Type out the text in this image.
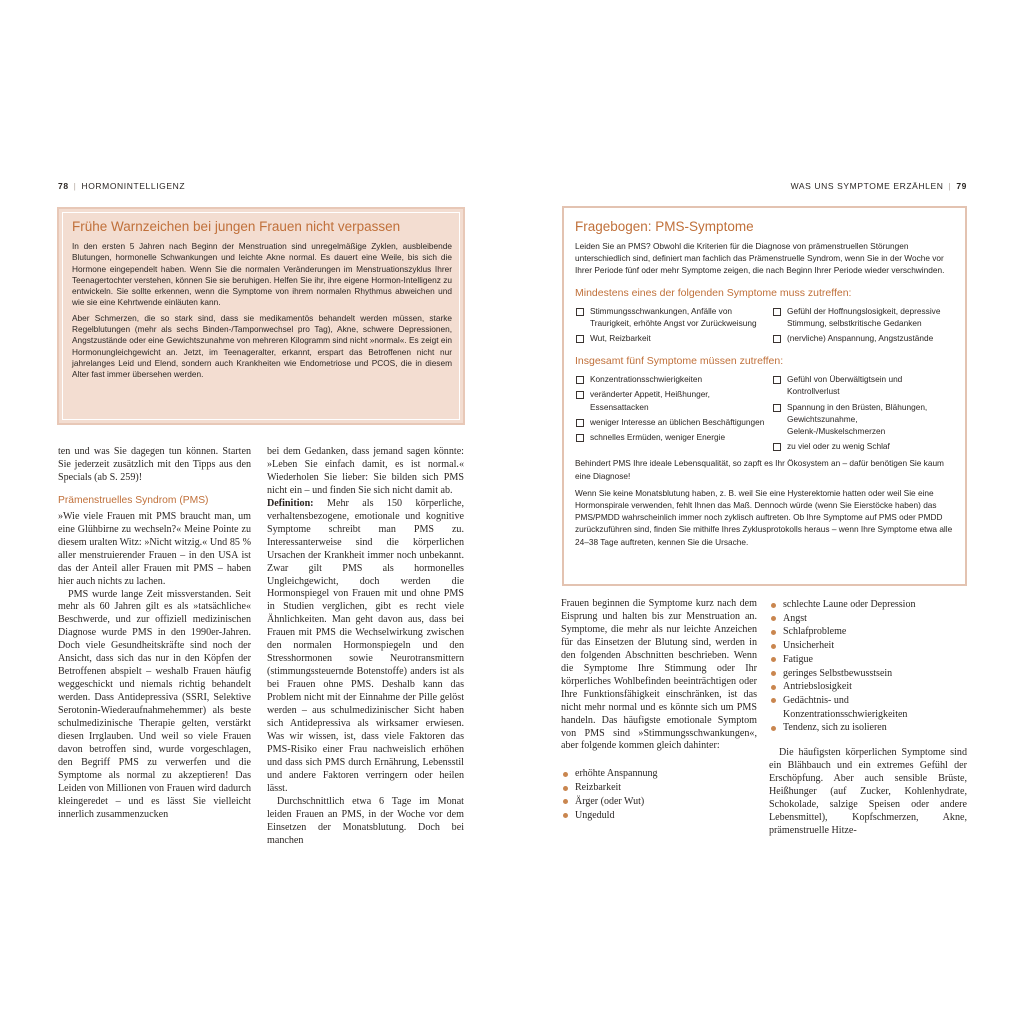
78 | HORMONINTELLIGENZ
Frühe Warnzeichen bei jungen Frauen nicht verpassen

In den ersten 5 Jahren nach Beginn der Menstruation sind unregelmäßige Zyklen, ausbleibende Blutungen, hormonelle Schwankungen und leichte Akne normal. Es dauert eine Weile, bis sich die Hormone eingependelt haben. Wenn Sie die normalen Veränderungen im Menstruationszyklus Ihrer Teenagertochter verstehen, können Sie sie beruhigen. Helfen Sie ihr, ihre eigene Hormon-Intelligenz zu entwickeln. Sie sollte erkennen, wenn die Symptome von ihrem normalen Rhythmus abweichen und wie sie eine Kehrtwende einläuten kann.

Aber Schmerzen, die so stark sind, dass sie medikamentös behandelt werden müssen, starke Regelblutungen (mehr als sechs Binden-/Tamponwechsel pro Tag), Akne, schwere Depressionen, Angstzustände oder eine Gewichtszunahme von mehreren Kilogramm sind nicht »normal«. Es zeigt ein Hormonungleichgewicht an. Jetzt, im Teenageralter, erkannt, erspart das Betroffenen nicht nur jahrelanges Leid und Elend, sondern auch Krankheiten wie Endometriose und PCOS, die in diesem Alter fast immer übersehen werden.

ten und was Sie dagegen tun können. Starten Sie jederzeit zusätzlich mit den Tipps aus den Specials (ab S. 259)!

Prämenstruelles Syndrom (PMS)

»Wie viele Frauen mit PMS braucht man, um eine Glühbirne zu wechseln?« Meine Pointe zu diesem uralten Witz: »Nicht witzig.« Und 85 % aller menstruierender Frauen – in den USA ist das der Anteil aller Frauen mit PMS – haben hier auch nichts zu lachen.

PMS wurde lange Zeit missverstanden. Seit mehr als 60 Jahren gilt es als »tatsächliche« Beschwerde, und zur offiziell medizinischen Diagnose wurde PMS in den 1990er-Jahren. Doch viele Gesundheitskräfte sind noch der Ansicht, dass sich das nur in den Köpfen der Betroffenen abspielt – weshalb Frauen häufig weggeschickt und niemals richtig behandelt werden. Dass Antidepressiva (SSRI, Selektive Serotonin-Wiederaufnahmehemmer) als beste schulmedizinische Therapie gelten, verstärkt diesen Irrglauben. Und weil so viele Frauen davon betroffen sind, wurde vorgeschlagen, den Begriff PMS zu verwerfen und die Symptome als normal zu akzeptieren! Das Leiden von Millionen von Frauen wird dadurch kleingeredet – und es lässt Sie vielleicht innerlich zusammenzucken

bei dem Gedanken, dass jemand sagen könnte: »Leben Sie einfach damit, es ist normal.« Wiederholen Sie lieber: Sie bilden sich PMS nicht ein – und finden Sie sich nicht damit ab.

Definition: Mehr als 150 körperliche, verhaltensbezogene, emotionale und kognitive Symptome schreibt man PMS zu. Interessanterweise sind die körperlichen Ursachen der Krankheit immer noch unbekannt. Zwar gilt PMS als hormonelles Ungleichgewicht, doch werden die Hormonspiegel von Frauen mit und ohne PMS in Studien verglichen, gibt es recht viele Ähnlichkeiten. Man geht davon aus, dass bei Frauen mit PMS die Wechselwirkung zwischen den normalen Hormonspiegeln und den Stresshormonen sowie Neurotransmittern (stimmungssteuernde Botenstoffe) anders ist als bei Frauen ohne PMS. Deshalb kann das Problem nicht mit der Einnahme der Pille gelöst werden – aus schulmedizinischer Sicht haben sich Antidepressiva als wirksamer erwiesen. Was wir wissen, ist, dass viele Faktoren das PMS-Risiko einer Frau nachweislich erhöhen und dass sich PMS durch Ernährung, Lebensstil und andere Faktoren verringern oder heilen lässt.

Durchschnittlich etwa 6 Tage im Monat leiden Frauen an PMS, in der Woche vor dem Einsetzen der Monatsblutung. Doch bei manchen

WAS UNS SYMPTOME ERZÄHLEN | 79
Fragebogen: PMS-Symptome
Leiden Sie an PMS? Obwohl die Kriterien für die Diagnose von prämenstruellen Störungen unterschiedlich sind, definiert man fachlich das Prämenstruelle Syndrom, wenn Sie in der Woche vor Ihrer Periode fünf oder mehr Symptome zeigen, die nach Beginn Ihrer Periode wieder verschwinden.
Mindestens eines der folgenden Symptome muss zutreffen:
Stimmungsschwankungen, Anfälle von Traurigkeit, erhöhte Angst vor Zurückweisung
Wut, Reizbarkeit
Gefühl der Hoffnungslosigkeit, depressive Stimmung, selbstkritische Gedanken
(nervliche) Anspannung, Angstzustände
Insgesamt fünf Symptome müssen zutreffen:
Konzentrationsschwierigkeiten
veränderter Appetit, Heißhunger, Essensattacken
weniger Interesse an üblichen Beschäftigungen
schnelles Ermüden, weniger Energie
Gefühl von Überwältigtsein und Kontrollverlust
Spannung in den Brüsten, Blähungen, Gewichtszunahme, Gelenk-/Muskelschmerzen
zu viel oder zu wenig Schlaf
Behindert PMS Ihre ideale Lebensqualität, so zapft es Ihr Ökosystem an – dafür benötigen Sie kaum eine Diagnose!
Wenn Sie keine Monatsblutung haben, z. B. weil Sie eine Hysterektomie hatten oder weil Sie eine Hormonspirale verwenden, fehlt Ihnen das Maß. Dennoch würde (wenn Sie Eierstöcke haben) das PMS/PMDD wahrscheinlich immer noch zyklisch auftreten. Ob Ihre Symptome auf PMS oder PMDD zurückzuführen sind, finden Sie mithilfe Ihres Zyklusprotokolls heraus – wenn Ihre Symptome etwa alle 24–38 Tage auftreten, kennen Sie die Ursache.

Frauen beginnen die Symptome kurz nach dem Eisprung und halten bis zur Menstruation an. Symptome, die mehr als nur leichte Anzeichen für das Einsetzen der Blutung sind, werden in den folgenden Abschnitten beschrieben. Wenn die Symptome Ihre Stimmung oder Ihr körperliches Wohlbefinden beeinträchtigen oder Ihre Funktionsfähigkeit einschränken, ist das nicht mehr normal und es könnte sich um PMS handeln. Das häufigste emotionale Symptom von PMS sind »Stimmungsschwankungen«, aber folgende kommen gleich dahinter:

erhöhte Anspannung
Reizbarkeit
Ärger (oder Wut)
Ungeduld
schlechte Laune oder Depression
Angst
Schlafprobleme
Unsicherheit
Fatigue
geringes Selbstbewusstsein
Antriebslosigkeit
Gedächtnis- und Konzentrationsschwierigkeiten
Tendenz, sich zu isolieren

Die häufigsten körperlichen Symptome sind ein Blähbauch und ein extremes Gefühl der Erschöpfung. Aber auch sensible Brüste, Heißhunger (auf Zucker, Kohlenhydrate, Schokolade, salzige Speisen oder andere Lebensmittel), Kopfschmerzen, Akne, prämenstruelle Hitze-
